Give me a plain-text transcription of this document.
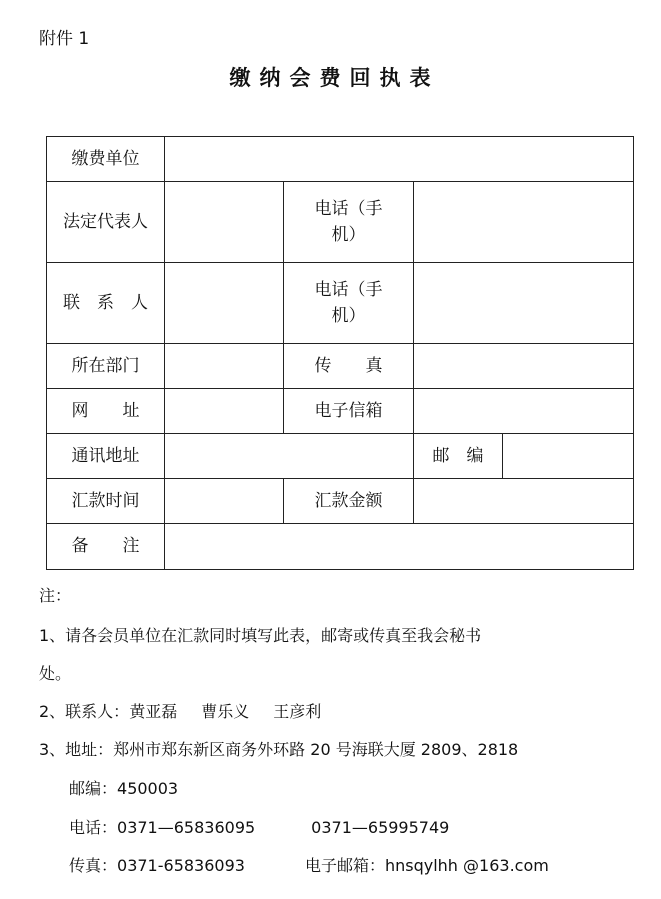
附件 1
缴纳会费回执表
缴费单位				
法定代表人		电话（手
机）		
联　系　人		电话（手
机）		
所在部门		传　　真		
网　　址		电子信箱		
通讯地址			邮　编	
汇款时间		汇款金额		
备　　注				
注：
1、请各会员单位在汇款同时填写此表，邮寄或传真至我会秘书
处。
2、联系人：黄亚磊 曹乐义 王彦利
3、地址：郑州市郑东新区商务外环路 20 号海联大厦 2809、2818
邮编：450003
电话：0371—65836095	0371—65995749
传真：0371-65836093	电子邮箱：hnsqylhh @163.com
